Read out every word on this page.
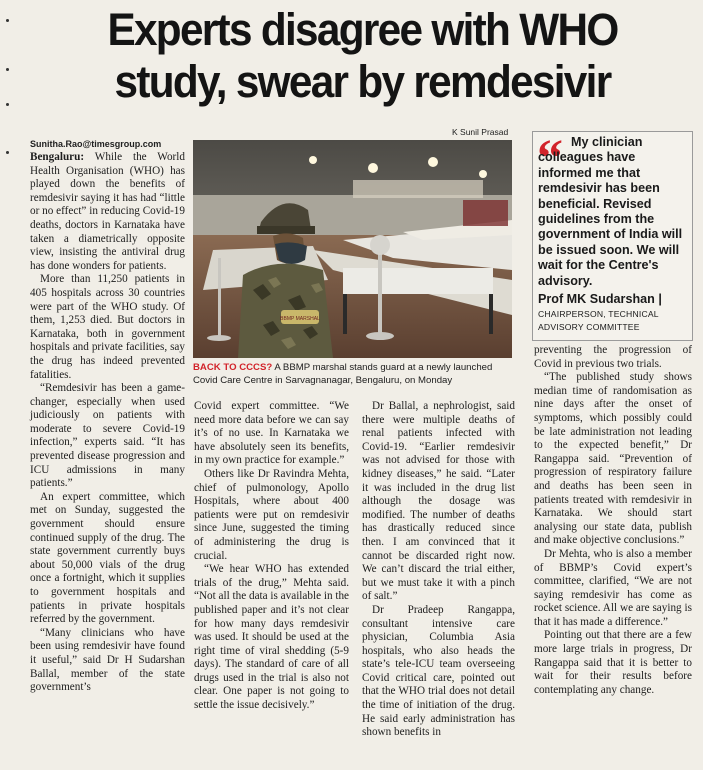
Experts disagree with WHO
study, swear by remdesivir
Sunitha.Rao@timesgroup.com
K Sunil Prasad

Bengaluru: While the World Health Organisation (WHO) has played down the benefits of remdesivir saying it has had “little or no effect” in reducing Covid-19 deaths, doctors in Karnataka have taken a diametrically opposite view, insisting the antiviral drug has done wonders for patients.

More than 11,250 patients in 405 hospitals across 30 countries were part of the WHO study. Of them, 1,253 died. But doctors in Karnataka, both in government hospitals and private facilities, say the drug has indeed prevented fatalities.

“Remdesivir has been a game-changer, especially when used judiciously on patients with moderate to severe Covid-19 infection,” experts said. “It has prevented disease progression and ICU admissions in many patients.”

An expert committee, which met on Sunday, suggested the government should ensure continued supply of the drug. The state government currently buys about 50,000 vials of the drug once a fortnight, which it supplies to government hospitals and patients in private hospitals referred by the government.

“Many clinicians who have been using remdesivir have found it useful,” said Dr H Sudarshan Ballal, member of the state government’s

BBMP MARSHAL
BACK TO CCCS? A BBMP marshal stands guard at a newly launched Covid Care Centre in Sarvagnanagar, Bengaluru, on Monday
“	My clinician colleagues have informed me that remdesivir has been beneficial. Revised guidelines from the government of India will be issued soon. We will wait for the Centre's advisory.
Prof MK Sudarshan |
CHAIRPERSON, TECHNICAL ADVISORY COMMITTEE

Covid expert committee. “We need more data before we can say it’s of no use. In Karnataka we have absolutely seen its benefits, in my own practice for example.”

Others like Dr Ravindra Mehta, chief of pulmonology, Apollo Hospitals, where about 400 patients were put on remdesivir since June, suggested the timing of administering the drug is crucial.

“We hear WHO has extended trials of the drug,” Mehta said. “Not all the data is available in the published paper and it’s not clear for how many days remdesivir was used. It should be used at the right time of viral shedding (5-9 days). The standard of care of all drugs used in the trial is also not clear. One paper is not going to settle the issue decisively.”

Dr Ballal, a nephrologist, said there were multiple deaths of renal patients infected with Covid-19. “Earlier remdesivir was not advised for those with kidney diseases,” he said. “Later it was included in the drug list although the dosage was modified. The number of deaths has drastically reduced since then. I am convinced that it cannot be discarded right now. We can’t discard the trial either, but we must take it with a pinch of salt.”

Dr Pradeep Rangappa, consultant intensive care physician, Columbia Asia hospitals, who also heads the state’s tele-ICU team overseeing Covid critical care, pointed out that the WHO trial does not detail the time of initiation of the drug. He said early administration has shown benefits in

preventing the progression of Covid in previous two trials.

“The published study shows median time of randomisation as nine days after the onset of symptoms, which possibly could be late administration not leading to the expected benefit,” Dr Rangappa said. “Prevention of progression of respiratory failure and deaths has been seen in patients treated with remdesivir in Karnataka. We should start analysing our state data, publish and make objective conclusions.”

Dr Mehta, who is also a member of BBMP’s Covid expert’s committee, clarified, “We are not saying remdesivir has come as rocket science. All we are saying is that it has made a difference.”

Pointing out that there are a few more large trials in progress, Dr Rangappa said that it is better to wait for their results before contemplating any change.
